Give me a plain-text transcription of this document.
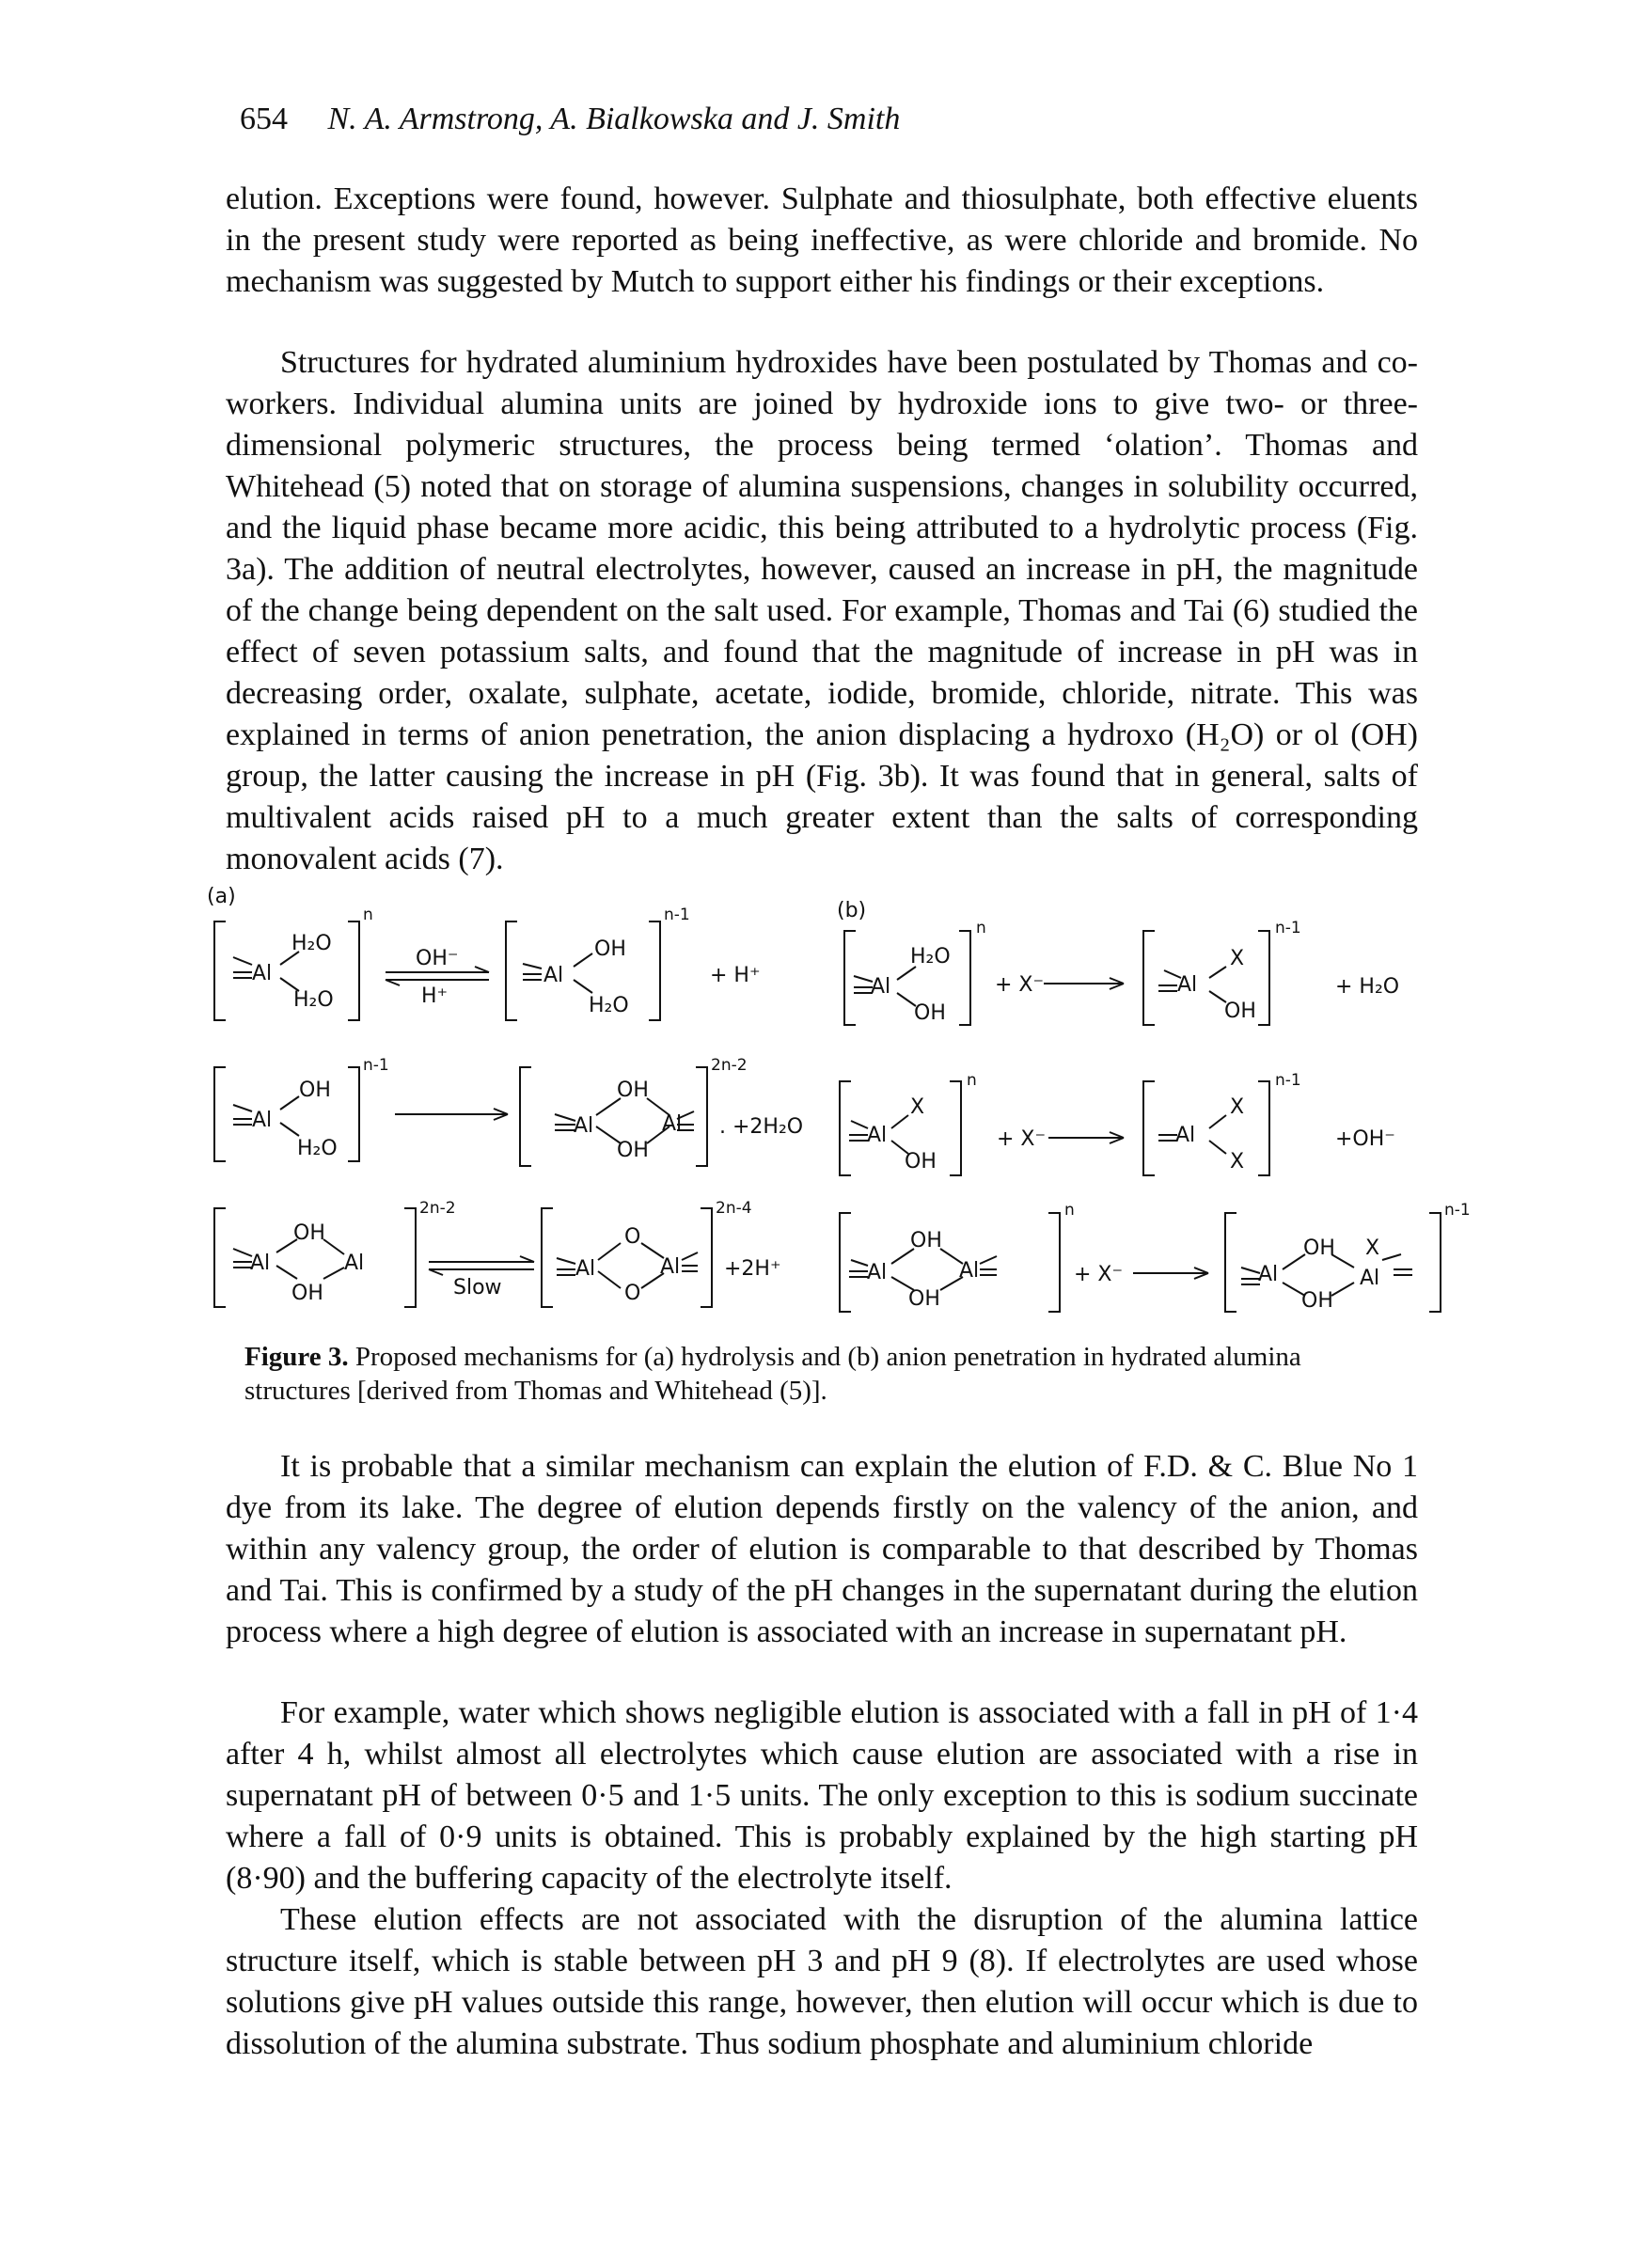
654 N. A. Armstrong, A. Bialkowska and J. Smith

elution. Exceptions were found, however. Sulphate and thiosulphate, both effective eluents in the present study were reported as being ineffective, as were chloride and bromide. No mechanism was suggested by Mutch to support either his findings or their exceptions.

Structures for hydrated aluminium hydroxides have been postulated by Thomas and co-workers. Individual alumina units are joined by hydroxide ions to give two- or three-dimensional polymeric structures, the process being termed ‘olation’. Thomas and Whitehead (5) noted that on storage of alumina suspensions, changes in solubility occurred, and the liquid phase became more acidic, this being attributed to a hydrolytic process (Fig. 3a). The addition of neutral electrolytes, however, caused an increase in pH, the magnitude of the change being dependent on the salt used. For example, Thomas and Tai (6) studied the effect of seven potassium salts, and found that the magnitude of increase in pH was in decreasing order, oxalate, sulphate, acetate, iodide, bromide, chloride, nitrate. This was explained in terms of anion penetration, the anion displacing a hydroxo (H₂O) or ol (OH) group, the latter causing the increase in pH (Fig. 3b). It was found that in general, salts of multivalent acids raised pH to a much greater extent than the salts of corresponding monovalent acids (7).

(a)
(b)
Al
H₂O
H₂O
n
OH⁻
H⁺
Al
OH
H₂O
n-1
+ H⁺
Al
OH
H₂O
n-1
Al
OH
OH
Al
2n-2
. +2H₂O
Al
OH
OH
Al
2n-2
Slow
Al
O
O
Al
2n-4
+2H⁺
Al
H₂O
OH
n
+ X⁻	Al
X
OH
n-1
+ H₂O
Al
X
OH
n
+ X⁻	Al
X
X
n-1
+OH⁻
Al
OH
OH
Al
n
+ X⁻	Al
OH X
OH
Al
n-1

Figure 3. Proposed mechanisms for (a) hydrolysis and (b) anion penetration in hydrated alumina structures [derived from Thomas and Whitehead (5)].

It is probable that a similar mechanism can explain the elution of F.D. & C. Blue No 1 dye from its lake. The degree of elution depends firstly on the valency of the anion, and within any valency group, the order of elution is comparable to that described by Thomas and Tai. This is confirmed by a study of the pH changes in the supernatant during the elution process where a high degree of elution is associated with an increase in supernatant pH.

For example, water which shows negligible elution is associated with a fall in pH of 1·4 after 4 h, whilst almost all electrolytes which cause elution are associated with a rise in supernatant pH of between 0·5 and 1·5 units. The only exception to this is sodium succinate where a fall of 0·9 units is obtained. This is probably explained by the high starting pH (8·90) and the buffering capacity of the electrolyte itself.

These elution effects are not associated with the disruption of the alumina lattice structure itself, which is stable between pH 3 and pH 9 (8). If electrolytes are used whose solutions give pH values outside this range, however, then elution will occur which is due to dissolution of the alumina substrate. Thus sodium phosphate and aluminium chloride
